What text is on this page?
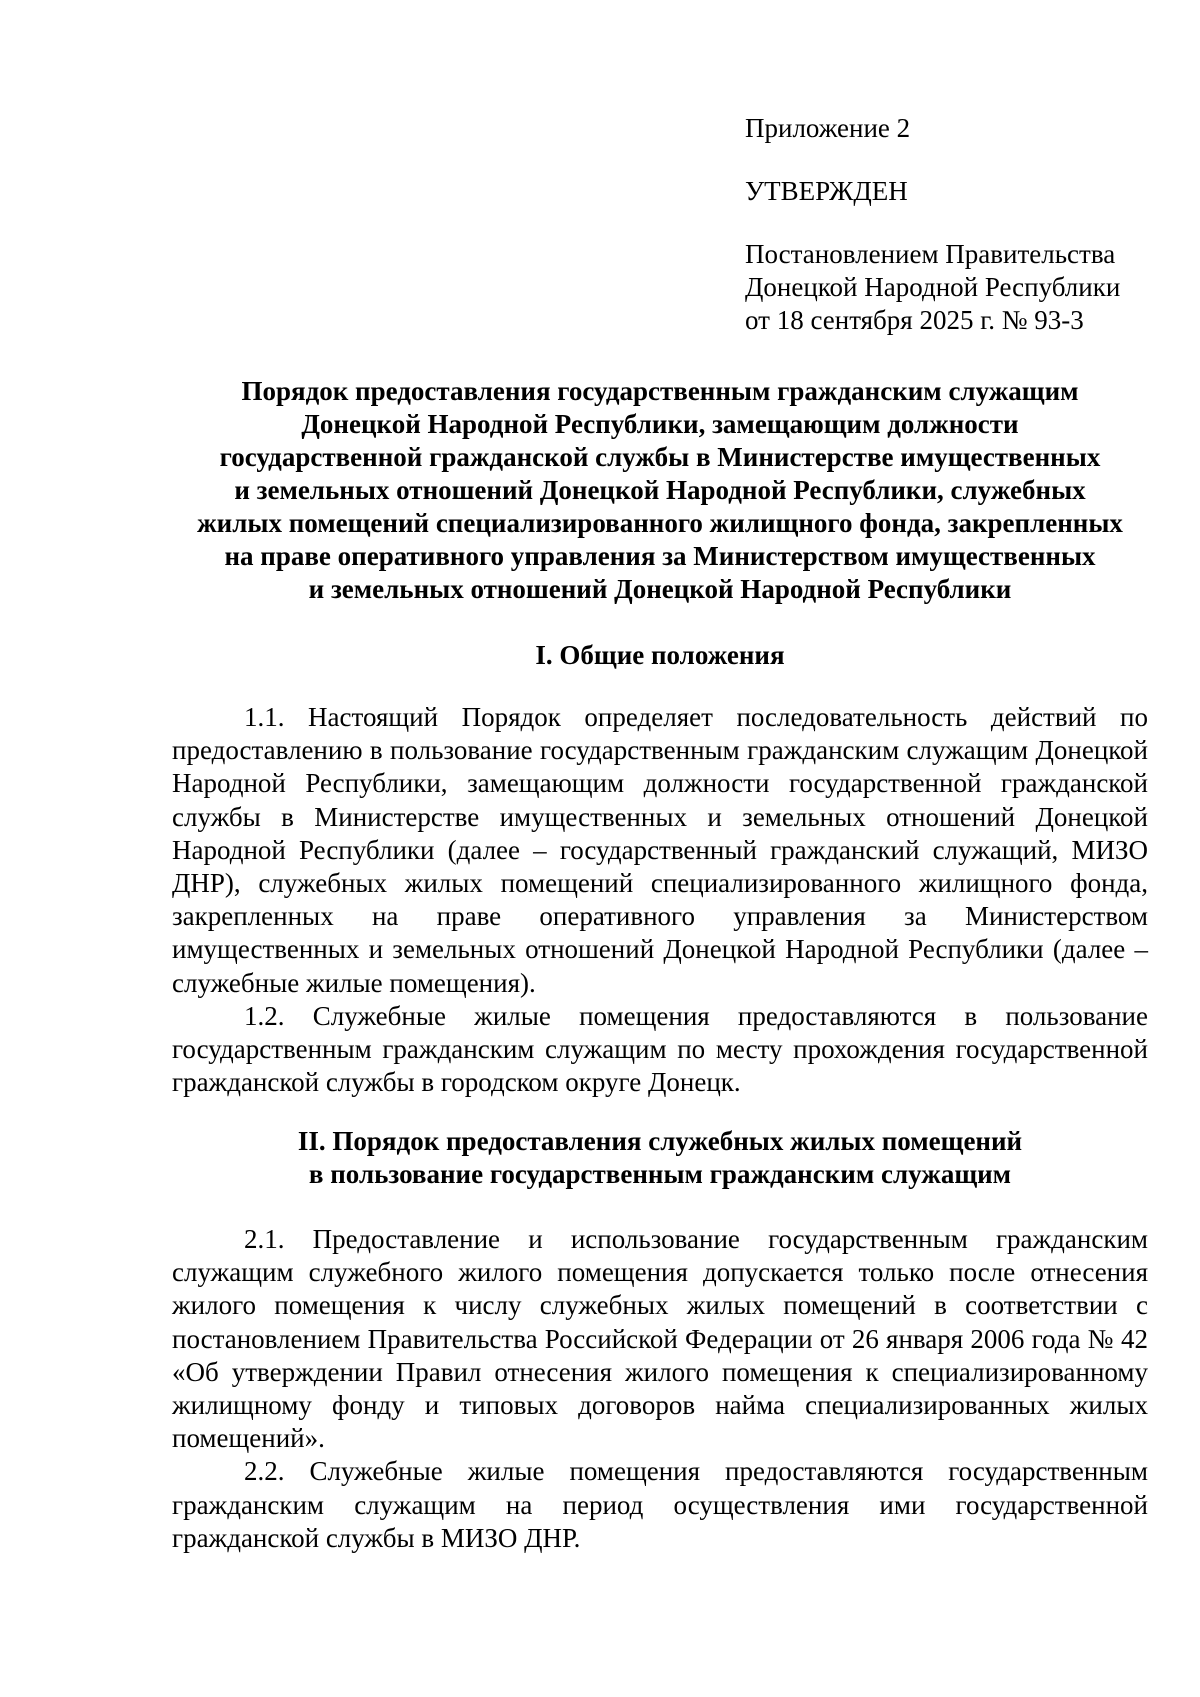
Приложение 2
УТВЕРЖДЕН
Постановлением Правительства
Донецкой Народной Республики
от 18 сентября 2025 г. № 93-3
Порядок предоставления государственным гражданским служащим
Донецкой Народной Республики, замещающим должности
государственной гражданской службы в Министерстве имущественных
и земельных отношений Донецкой Народной Республики, служебных
жилых помещений специализированного жилищного фонда, закрепленных
на праве оперативного управления за Министерством имущественных
и земельных отношений Донецкой Народной Республики
I. Общие положения

1.1. Настоящий Порядок определяет последовательность действий по предоставлению в пользование государственным гражданским служащим Донецкой Народной Республики, замещающим должности государственной гражданской службы в Министерстве имущественных и земельных отношений Донецкой Народной Республики (далее – государственный гражданский служащий, МИЗО ДНР), служебных жилых помещений специализированного жилищного фонда, закрепленных на праве оперативного управления за Министерством имущественных и земельных отношений Донецкой Народной Республики (далее – служебные жилые помещения).

1.2. Служебные жилые помещения предоставляются в пользование государственным гражданским служащим по месту прохождения государственной гражданской службы в городском округе Донецк.

II. Порядок предоставления служебных жилых помещений
в пользование государственным гражданским служащим

2.1. Предоставление и использование государственным гражданским служащим служебного жилого помещения допускается только после отнесения жилого помещения к числу служебных жилых помещений в соответствии с постановлением Правительства Российской Федерации от 26 января 2006 года № 42 «Об утверждении Правил отнесения жилого помещения к специализированному жилищному фонду и типовых договоров найма специализированных жилых помещений».

2.2. Служебные жилые помещения предоставляются государственным гражданским служащим на период осуществления ими государственной гражданской службы в МИЗО ДНР.
